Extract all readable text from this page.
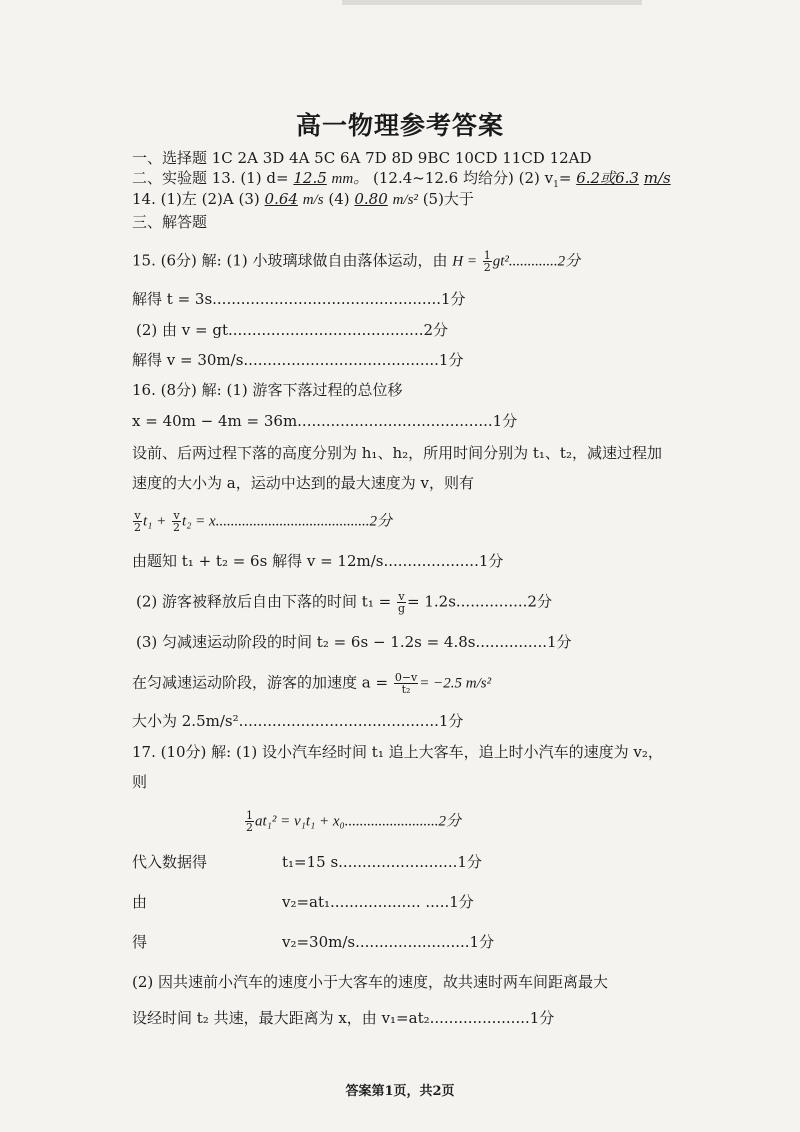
高一物理参考答案
一、选择题 1C 2A 3D 4A 5C 6A 7D 8D 9BC 10CD 11CD 12AD
二、实验题 13. (1) d= 12.5 mm。 (12.4~12.6 均给分) (2) $v_1= 6.2$或6.3 m/s
14. (1)左 (2)A (3) 0.64 m/s (4) 0.80 m/s² (5)大于
三、解答题
15. (6分) 解: (1) 小玻璃球做自由落体运动，由 $H = \frac{1}{2} gt^2.............2$分
解得 t = 3s................................................1分
(2) 由 v = gt.........................................2分
解得 v = 30m/s.........................................1分
16. (8分) 解: (1) 游客下落过程的总位移
x = 40m − 4m = 36m.........................................1分
设前、后两过程下落的高度分别为 h₁、h₂，所用时间分别为 t₁、t₂，减速过程加
速度的大小为 a，运动中达到的最大速度为 v，则有
$\frac{v}{2} t_1 + \frac{v}{2} t_2 = x.........................................2$分
由题知 t₁ + t₂ = 6s 解得 v = 12m/s....................1分
(2) 游客被释放后自由下落的时间 $t_1 = \frac{v}{g} = 1.2s...............2$分
(3) 匀减速运动阶段的时间 t₂ = 6s − 1.2s = 4.8s...............1分
在匀减速运动阶段，游客的加速度 $a = \frac{0-v}{\text{t₂}} = -2.5$ m/s²
大小为 2.5m/s²..........................................1分
17. (10分) 解: (1) 设小汽车经时间 t₁ 追上大客车，追上时小汽车的速度为 v₂，
则
$\frac{1}{2} at_1^2 = v_1t_1 + x_0.........................2$分
代入数据得	t₁=15 s.........................1分
由	v₂=at₁................... .....1分
得	v₂=30m/s........................1分
(2) 因共速前小汽车的速度小于大客车的速度，故共速时两车间距离最大
设经时间 t₂ 共速，最大距离为 x，由 v₁=at₂.....................1分
答案第1页，共2页
